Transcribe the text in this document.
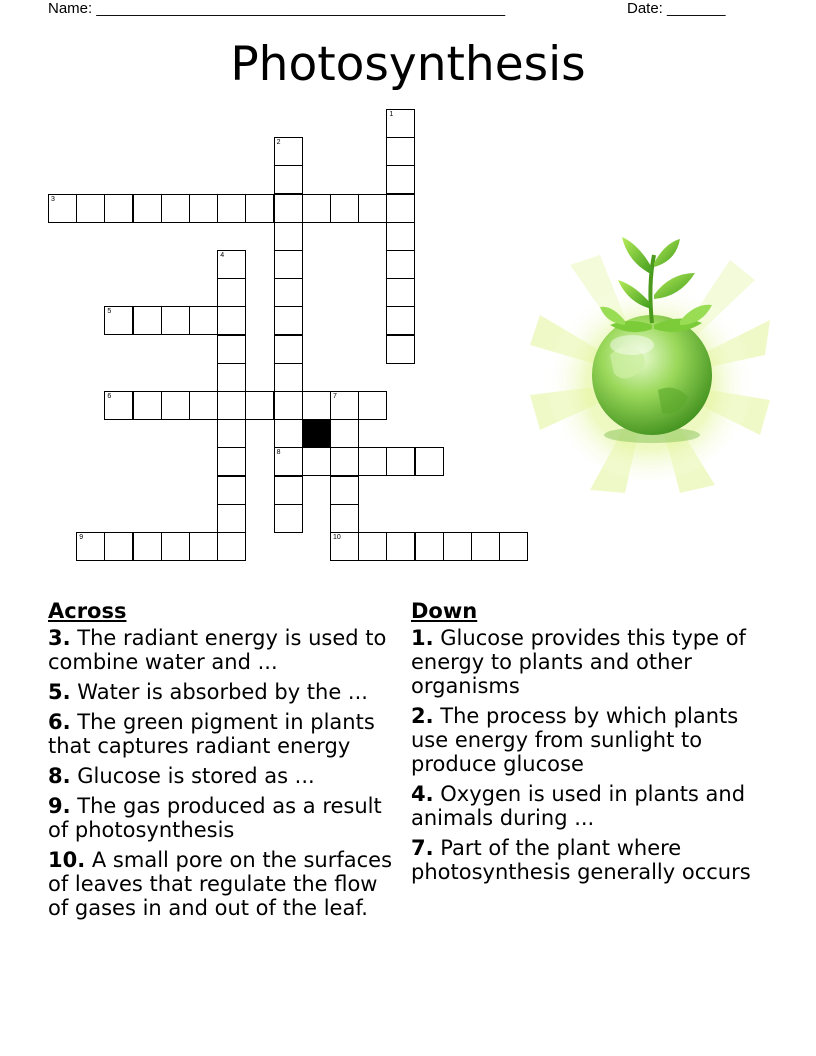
Name: _________________________________________________	Date: _______
Photosynthesis
1
2
8
3
4
5
6	7
9	10
Across
3. The radiant energy is used to combine water and ...
5. Water is absorbed by the ...
6. The green pigment in plants that captures radiant energy
8. Glucose is stored as ...
9. The gas produced as a result of photosynthesis
10. A small pore on the surfaces of leaves that regulate the flow of gases in and out of the leaf.
Down
1. Glucose provides this type of energy to plants and other organisms
2. The process by which plants use energy from sunlight to produce glucose
4. Oxygen is used in plants and animals during ...
7. Part of the plant where photosynthesis generally occurs
